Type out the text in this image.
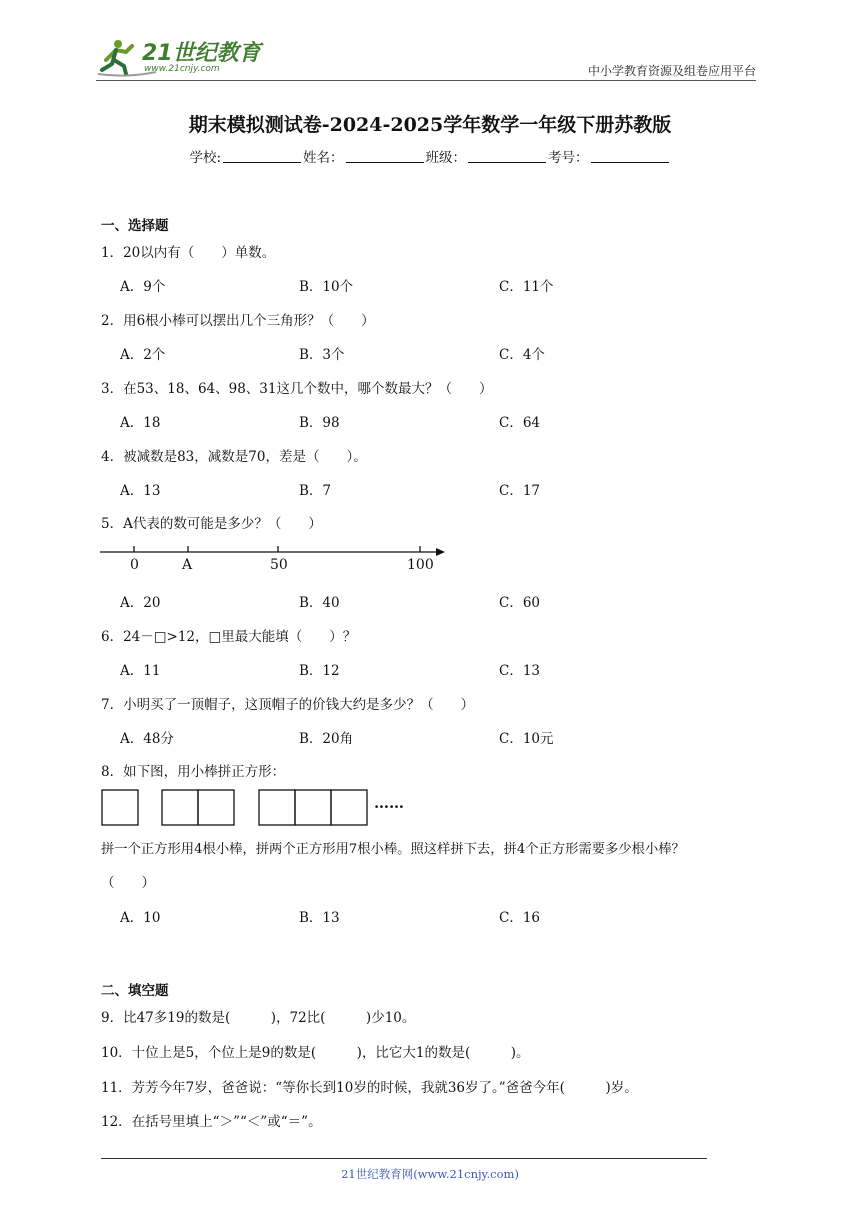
21世纪教育
www.21cnjy.com	中小学教育资源及组卷应用平台
期末模拟测试卷-2024-2025学年数学一年级下册苏教版
学校:	姓名：	班级：	考号：
一、选择题
1．20以内有（　　）单数。
A．9个	B．10个	C．11个
2．用6根小棒可以摆出几个三角形？（　　）
A．2个	B．3个	C．4个
3．在53、18、64、98、31这几个数中，哪个数最大？（　　）
A．18	B．98	C．64
4．被减数是83，减数是70，差是（　　）。
A．13	B．7	C．17
5．A代表的数可能是多少？（　　）
0	A	50	100
A．20	B．40	C．60
6．24－□>12，□里最大能填（　　）？
A．11	B．12	C．13
7．小明买了一顶帽子，这顶帽子的价钱大约是多少？（　　）
A．48分	B．20角	C．10元
8．如下图，用小棒拼正方形：
……
拼一个正方形用4根小棒，拼两个正方形用7根小棒。照这样拼下去，拼4个正方形需要多少根小棒？
（　　）
A．10	B．13	C．16
二、填空题
9．比47多19的数是(　　　)，72比(　　　)少10。
10．十位上是5，个位上是9的数是(　　　)，比它大1的数是(　　　)。
11．芳芳今年7岁，爸爸说：“等你长到10岁的时候，我就36岁了。”爸爸今年(　　　)岁。
12．在括号里填上“＞”“＜”或“＝”。
21世纪教育网(www.21cnjy.com)
